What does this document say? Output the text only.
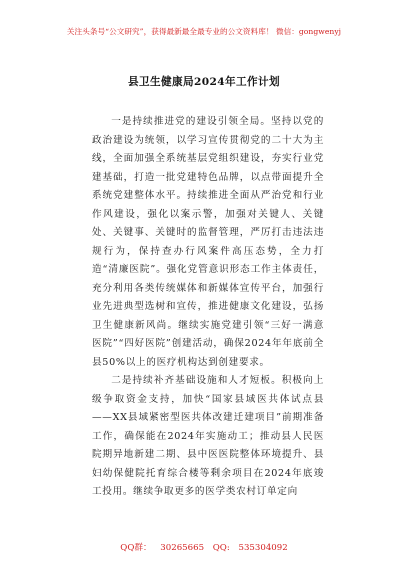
关注头条号“公文研究”，获得最新最全最专业的公文资料库！ 微信：gongwenyj
县卫生健康局2024年工作计划

一是持续推进党的建设引领全局。坚持以党的政治建设为统领，以学习宣传贯彻党的二十大为主线，全面加强全系统基层党组织建设，夯实行业党建基础，打造一批党建特色品牌，以点带面提升全系统党建整体水平。持续推进全面从严治党和行业作风建设，强化以案示警，加强对关键人、关键处、关键事、关键时的监督管理，严厉打击违法违规行为，保持查办行风案件高压态势，全力打造“清廉医院”。强化党管意识形态工作主体责任，充分利用各类传统媒体和新媒体宣传平台，加强行业先进典型选树和宣传，推进健康文化建设，弘扬卫生健康新风尚。继续实施党建引领“三好一满意医院”“四好医院”创建活动，确保2024年年底前全县50%以上的医疗机构达到创建要求。

二是持续补齐基础设施和人才短板。积极向上级争取资金支持，加快“国家县域医共体试点县——XX县域紧密型医共体改建迁建项目”前期准备工作，确保能在2024年实施动工；推动县人民医院期异地新建二期、县中医医院整体环境提升、县妇幼保健院托育综合楼等剩余项目在2024年底竣工投用。继续争取更多的医学类农村订单定向

QQ群： 30265665 QQ: 535304092
